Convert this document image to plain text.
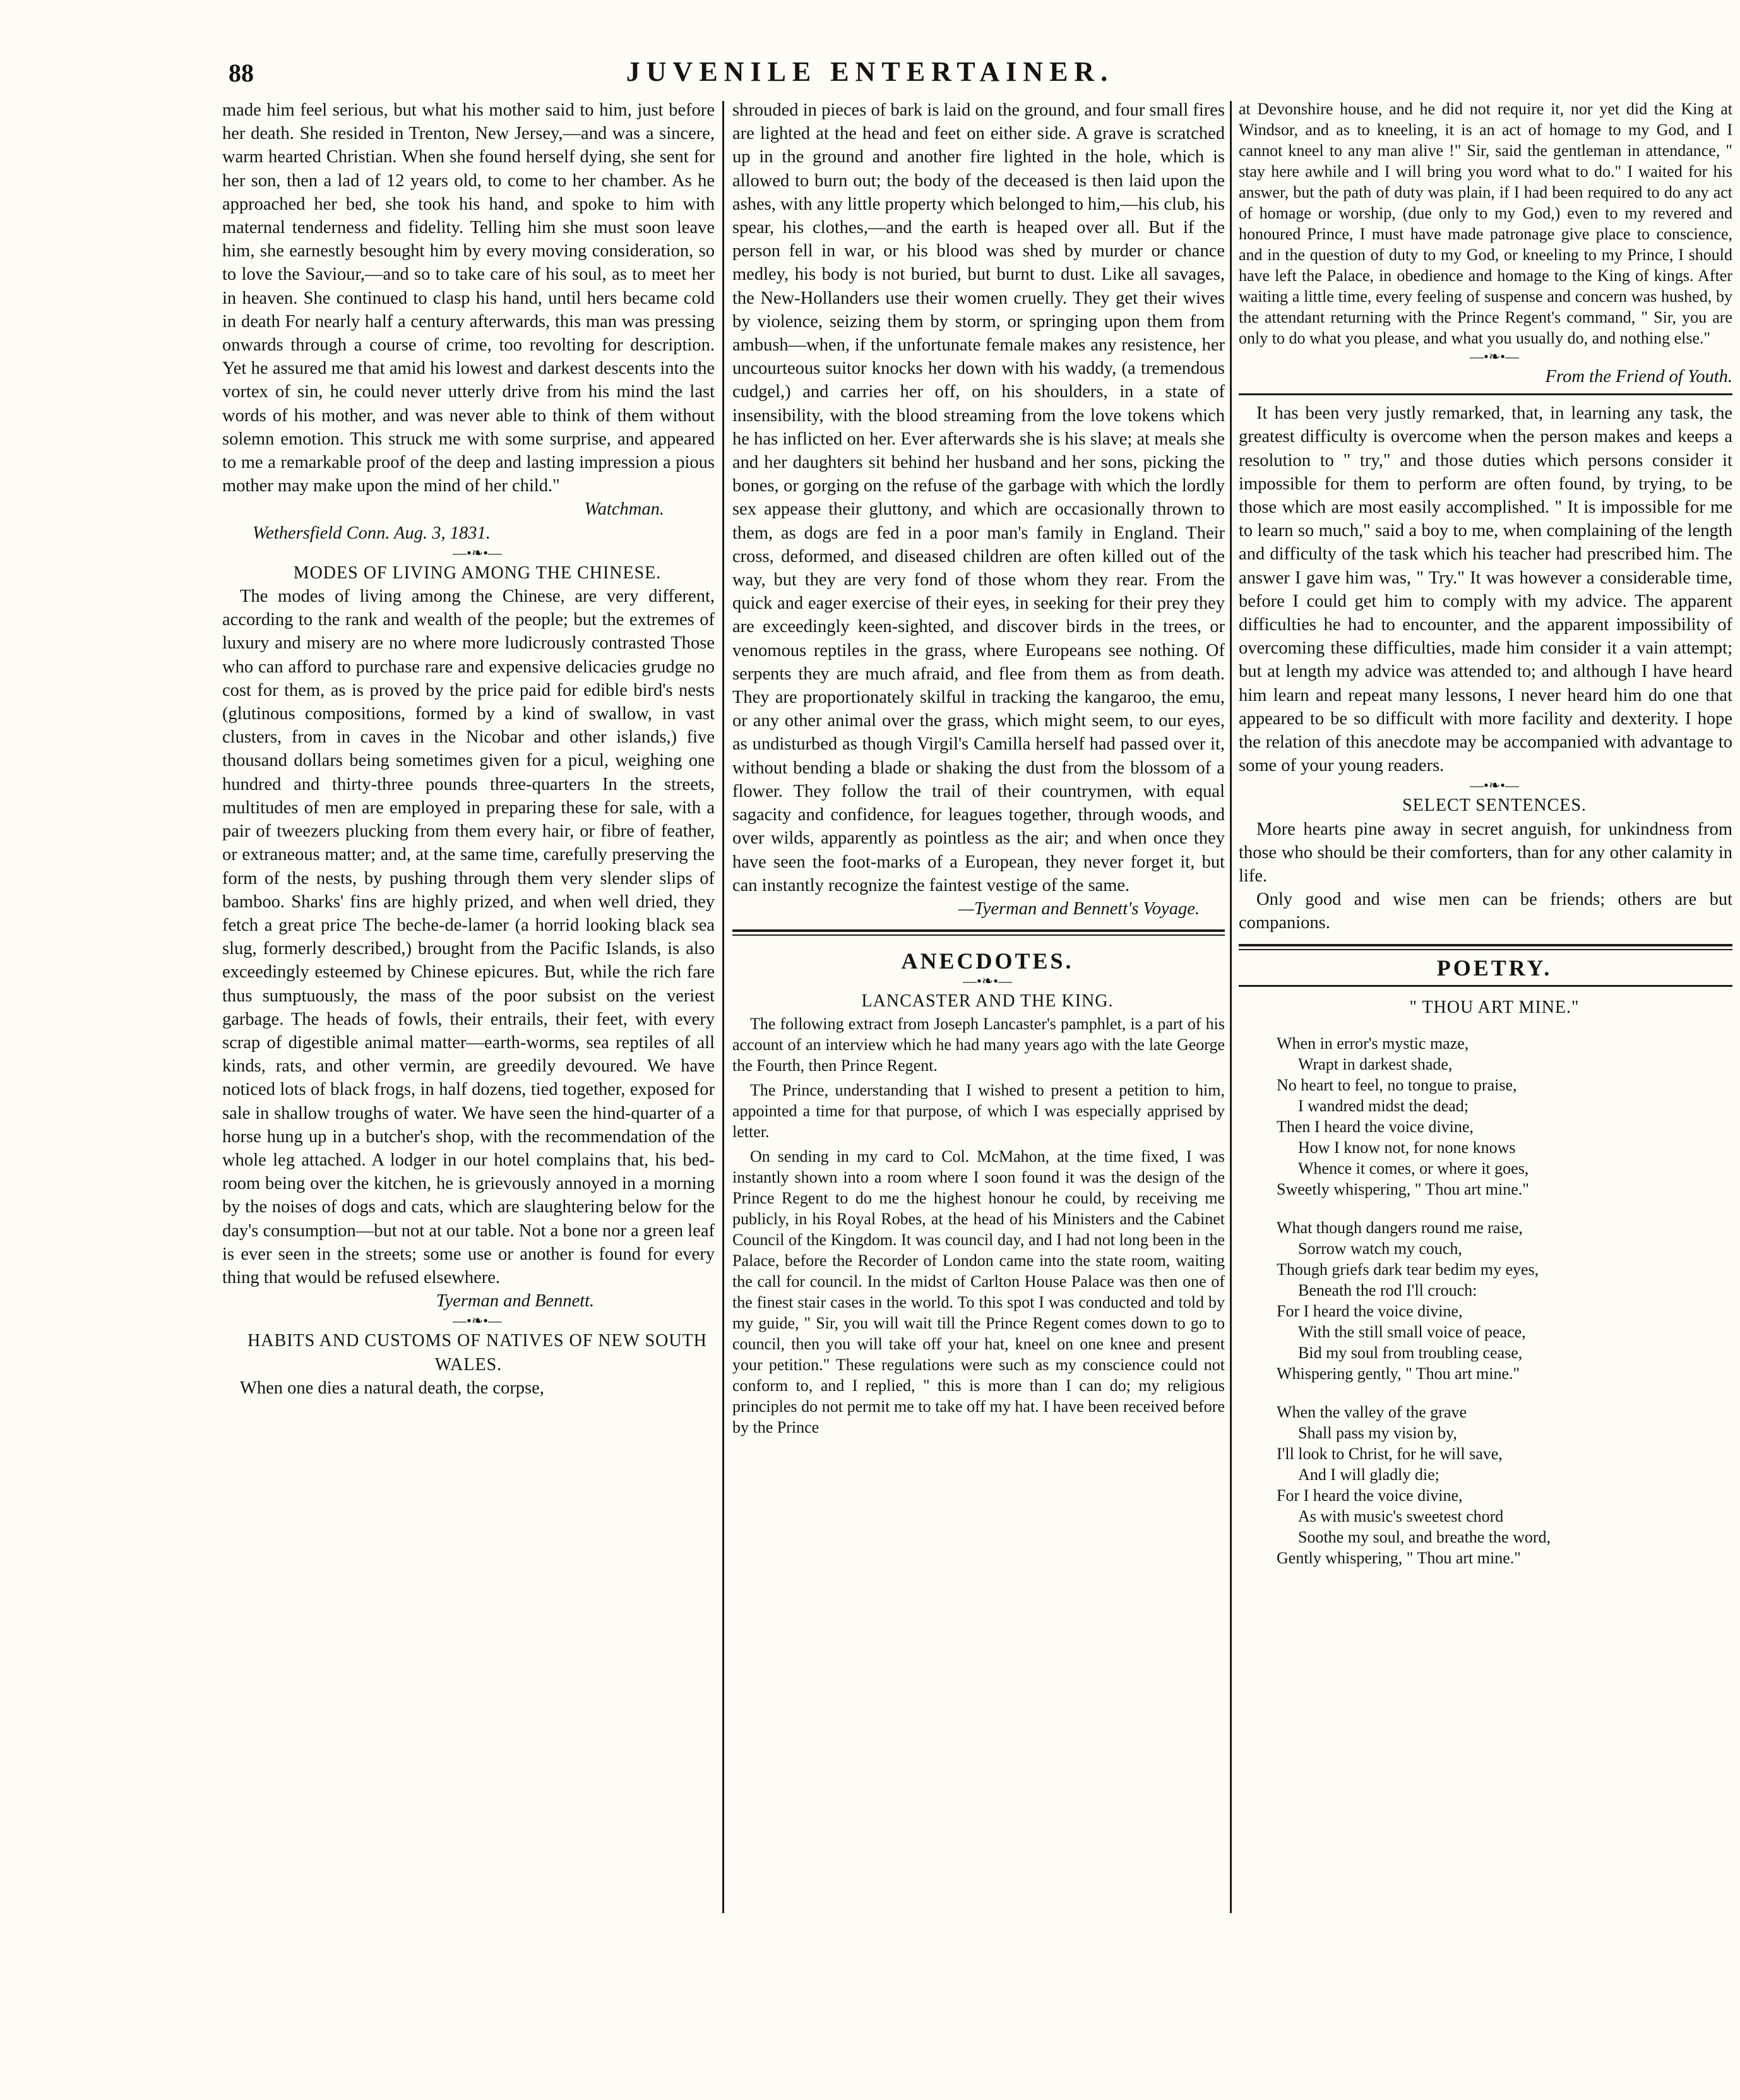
88	JUVENILE ENTERTAINER.

made him feel serious, but what his mother said to him, just before her death. She resided in Trenton, New Jersey,—and was a sincere, warm hearted Christian. When she found herself dying, she sent for her son, then a lad of 12 years old, to come to her chamber. As he approached her bed, she took his hand, and spoke to him with maternal tenderness and fidelity. Telling him she must soon leave him, she earnestly besought him by every moving consideration, so to love the Saviour,—and so to take care of his soul, as to meet her in heaven. She continued to clasp his hand, until hers became cold in death For nearly half a century afterwards, this man was pressing onwards through a course of crime, too revolting for description. Yet he assured me that amid his lowest and darkest descents into the vortex of sin, he could never utterly drive from his mind the last words of his mother, and was never able to think of them without solemn emotion. This struck me with some surprise, and appeared to me a remarkable proof of the deep and lasting impression a pious mother may make upon the mind of her child."

Watchman.

Wethersfield Conn. Aug. 3, 1831.

—•❧•—

MODES OF LIVING AMONG THE CHINESE.

The modes of living among the Chinese, are very different, according to the rank and wealth of the people; but the extremes of luxury and misery are no where more ludicrously contrasted Those who can afford to purchase rare and expensive delicacies grudge no cost for them, as is proved by the price paid for edible bird's nests (glutinous compositions, formed by a kind of swallow, in vast clusters, from in caves in the Nicobar and other islands,) five thousand dollars being sometimes given for a picul, weighing one hundred and thirty-three pounds three-quarters In the streets, multitudes of men are employed in preparing these for sale, with a pair of tweezers plucking from them every hair, or fibre of feather, or extraneous matter; and, at the same time, carefully preserving the form of the nests, by pushing through them very slender slips of bamboo. Sharks' fins are highly prized, and when well dried, they fetch a great price The beche-de-lamer (a horrid looking black sea slug, formerly described,) brought from the Pacific Islands, is also exceedingly esteemed by Chinese epicures. But, while the rich fare thus sumptuously, the mass of the poor subsist on the veriest garbage. The heads of fowls, their entrails, their feet, with every scrap of digestible animal matter—earth-worms, sea reptiles of all kinds, rats, and other vermin, are greedily devoured. We have noticed lots of black frogs, in half dozens, tied together, exposed for sale in shallow troughs of water. We have seen the hind-quarter of a horse hung up in a butcher's shop, with the recommendation of the whole leg attached. A lodger in our hotel complains that, his bed-room being over the kitchen, he is grievously annoyed in a morning by the noises of dogs and cats, which are slaughtering below for the day's consumption—but not at our table. Not a bone nor a green leaf is ever seen in the streets; some use or another is found for every thing that would be refused elsewhere.

Tyerman and Bennett.

—•❧•—

HABITS AND CUSTOMS OF NATIVES OF NEW SOUTH WALES.

When one dies a natural death, the corpse,

shrouded in pieces of bark is laid on the ground, and four small fires are lighted at the head and feet on either side. A grave is scratched up in the ground and another fire lighted in the hole, which is allowed to burn out; the body of the deceased is then laid upon the ashes, with any little property which belonged to him,—his club, his spear, his clothes,—and the earth is heaped over all. But if the person fell in war, or his blood was shed by murder or chance medley, his body is not buried, but burnt to dust. Like all savages, the New-Hollanders use their women cruelly. They get their wives by violence, seizing them by storm, or springing upon them from ambush—when, if the unfortunate female makes any resistence, her uncourteous suitor knocks her down with his waddy, (a tremendous cudgel,) and carries her off, on his shoulders, in a state of insensibility, with the blood streaming from the love tokens which he has inflicted on her. Ever afterwards she is his slave; at meals she and her daughters sit behind her husband and her sons, picking the bones, or gorging on the refuse of the garbage with which the lordly sex appease their gluttony, and which are occasionally thrown to them, as dogs are fed in a poor man's family in England. Their cross, deformed, and diseased children are often killed out of the way, but they are very fond of those whom they rear. From the quick and eager exercise of their eyes, in seeking for their prey they are exceedingly keen-sighted, and discover birds in the trees, or venomous reptiles in the grass, where Europeans see nothing. Of serpents they are much afraid, and flee from them as from death. They are proportionately skilful in tracking the kangaroo, the emu, or any other animal over the grass, which might seem, to our eyes, as undisturbed as though Virgil's Camilla herself had passed over it, without bending a blade or shaking the dust from the blossom of a flower. They follow the trail of their countrymen, with equal sagacity and confidence, for leagues together, through woods, and over wilds, apparently as pointless as the air; and when once they have seen the foot-marks of a European, they never forget it, but can instantly recognize the faintest vestige of the same.

—Tyerman and Bennett's Voyage.

ANECDOTES.

—•❧•—

LANCASTER AND THE KING.

The following extract from Joseph Lancaster's pamphlet, is a part of his account of an interview which he had many years ago with the late George the Fourth, then Prince Regent.

The Prince, understanding that I wished to present a petition to him, appointed a time for that purpose, of which I was especially apprised by letter.

On sending in my card to Col. McMahon, at the time fixed, I was instantly shown into a room where I soon found it was the design of the Prince Regent to do me the highest honour he could, by receiving me publicly, in his Royal Robes, at the head of his Ministers and the Cabinet Council of the Kingdom. It was council day, and I had not long been in the Palace, before the Recorder of London came into the state room, waiting the call for council. In the midst of Carlton House Palace was then one of the finest stair cases in the world. To this spot I was conducted and told by my guide, " Sir, you will wait till the Prince Regent comes down to go to council, then you will take off your hat, kneel on one knee and present your petition." These regulations were such as my conscience could not conform to, and I replied, " this is more than I can do; my religious principles do not permit me to take off my hat. I have been received before by the Prince

at Devonshire house, and he did not require it, nor yet did the King at Windsor, and as to kneeling, it is an act of homage to my God, and I cannot kneel to any man alive !" Sir, said the gentleman in attendance, " stay here awhile and I will bring you word what to do." I waited for his answer, but the path of duty was plain, if I had been required to do any act of homage or worship, (due only to my God,) even to my revered and honoured Prince, I must have made patronage give place to conscience, and in the question of duty to my God, or kneeling to my Prince, I should have left the Palace, in obedience and homage to the King of kings. After waiting a little time, every feeling of suspense and concern was hushed, by the attendant returning with the Prince Regent's command, " Sir, you are only to do what you please, and what you usually do, and nothing else."

—•❧•—

From the Friend of Youth.

It has been very justly remarked, that, in learning any task, the greatest difficulty is overcome when the person makes and keeps a resolution to " try," and those duties which persons consider it impossible for them to perform are often found, by trying, to be those which are most easily accomplished. " It is impossible for me to learn so much," said a boy to me, when complaining of the length and difficulty of the task which his teacher had prescribed him. The answer I gave him was, " Try." It was however a considerable time, before I could get him to comply with my advice. The apparent difficulties he had to encounter, and the apparent impossibility of overcoming these difficulties, made him consider it a vain attempt; but at length my advice was attended to; and although I have heard him learn and repeat many lessons, I never heard him do one that appeared to be so difficult with more facility and dexterity. I hope the relation of this anecdote may be accompanied with advantage to some of your young readers.

—•❧•—

SELECT SENTENCES.

More hearts pine away in secret anguish, for unkindness from those who should be their comforters, than for any other calamity in life.

Only good and wise men can be friends; others are but companions.

POETRY.

" THOU ART MINE."

When in error's mystic maze,
Wrapt in darkest shade,
No heart to feel, no tongue to praise,
I wandred midst the dead;
Then I heard the voice divine,
How I know not, for none knows
Whence it comes, or where it goes,
Sweetly whispering, " Thou art mine."
What though dangers round me raise,
Sorrow watch my couch,
Though griefs dark tear bedim my eyes,
Beneath the rod I'll crouch:
For I heard the voice divine,
With the still small voice of peace,
Bid my soul from troubling cease,
Whispering gently, " Thou art mine."
When the valley of the grave
Shall pass my vision by,
I'll look to Christ, for he will save,
And I will gladly die;
For I heard the voice divine,
As with music's sweetest chord
Soothe my soul, and breathe the word,
Gently whispering, " Thou art mine."
